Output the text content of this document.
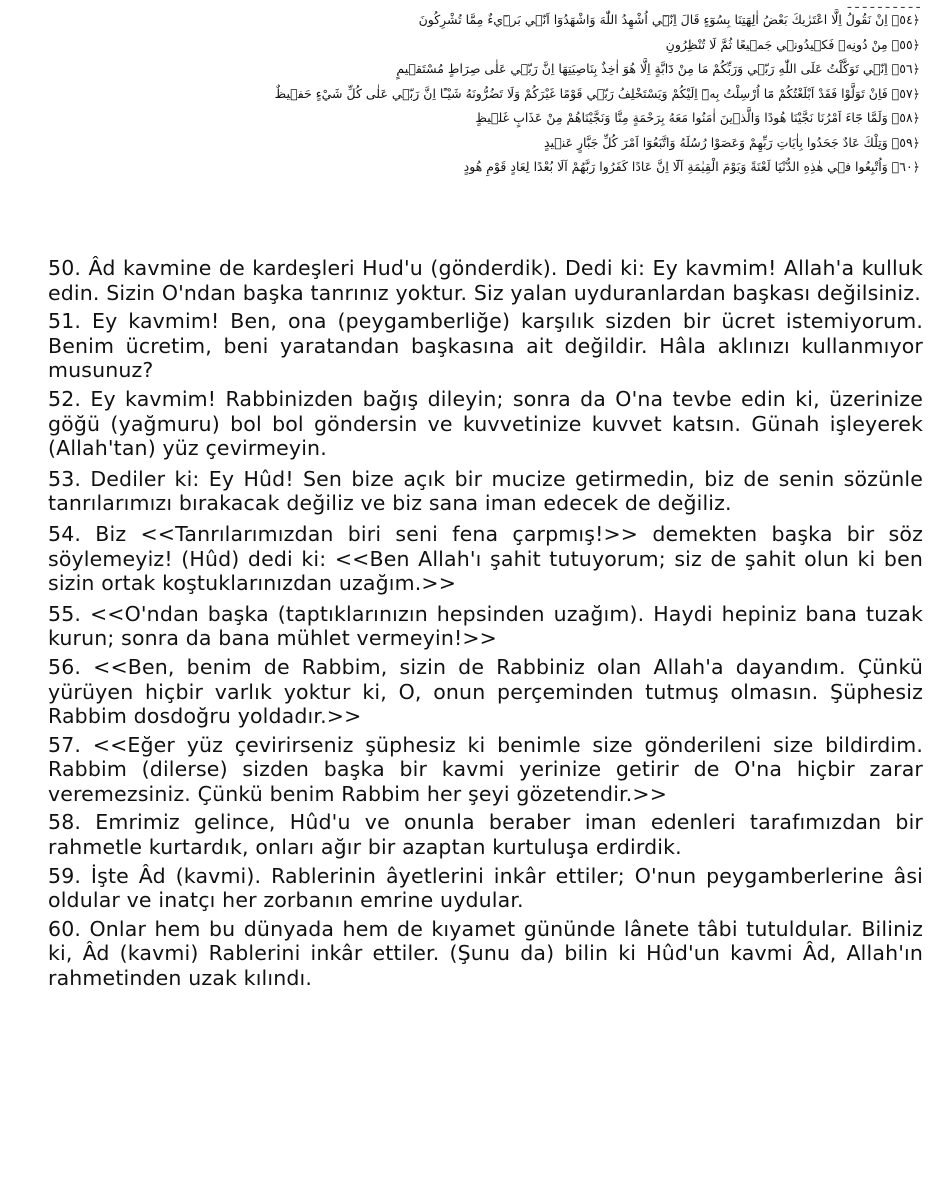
ـ ـ ـ ـ ـ ـ ـ ـ ـ ـ
﴿٥٤﴾ اِنْ نَقُولُ اِلَّا اعْتَرٰيكَ بَعْضُ اٰلِهَتِنَا بِسُوٓءٍ قَالَ اِنّ۪ٓي اُشْهِدُ اللّٰهَ وَاشْهَدُوٓا اَنّ۪ي بَر۪ٓيءٌ مِمَّا تُشْرِكُونَ
﴿٥٥﴾ مِنْ دُونِه۪ فَك۪يدُون۪ي جَم۪يعًا ثُمَّ لَا تُنْظِرُونِ
﴿٥٦﴾ اِنّ۪ي تَوَكَّلْتُ عَلَى اللّٰهِ رَبّ۪ي وَرَبِّكُمْ مَا مِنْ دَٓابَّةٍ اِلَّا هُوَ اٰخِذٌ بِنَاصِيَتِهَا اِنَّ رَبّ۪ي عَلٰى صِرَاطٍ مُسْتَق۪يمٍ
﴿٥٧﴾ فَاِنْ تَوَلَّوْا فَقَدْ اَبْلَغْتُكُمْ مَٓا اُرْسِلْتُ بِه۪ٓ اِلَيْكُمْ وَيَسْتَخْلِفُ رَبّ۪ي قَوْمًا غَيْرَكُمْ وَلَا تَضُرُّونَهُ شَيْـًٔا اِنَّ رَبّ۪ي عَلٰى كُلِّ شَيْءٍ حَف۪يظٌ
﴿٥٨﴾ وَلَمَّا جَٓاءَ اَمْرُنَا نَجَّيْنَا هُودًا وَالَّذ۪ينَ اٰمَنُوا مَعَهُ بِرَحْمَةٍ مِنَّا وَنَجَّيْنَاهُمْ مِنْ عَذَابٍ غَل۪يظٍ
﴿٥٩﴾ وَتِلْكَ عَادٌ جَحَدُوا بِاٰيَاتِ رَبِّهِمْ وَعَصَوْا رُسُلَهُ وَاتَّبَعُوٓا اَمْرَ كُلِّ جَبَّارٍ عَن۪يدٍ
﴿٦٠﴾ وَاُتْبِعُوا ف۪ي هٰذِهِ الدُّنْيَا لَعْنَةً وَيَوْمَ الْقِيٰمَةِ اَلَٓا اِنَّ عَادًا كَفَرُوا رَبَّهُمْ اَلَا بُعْدًا لِعَادٍ قَوْمِ هُودٍ

50. Âd kavmine de kardeşleri Hud'u (gönderdik). Dedi ki: Ey kavmim! Allah'a kulluk edin. Sizin O'ndan başka tanrınız yoktur. Siz yalan uyduranlardan başkası değilsiniz.

51. Ey kavmim! Ben, ona (peygamberliğe) karşılık sizden bir ücret istemiyorum. Benim ücretim, beni yaratandan başkasına ait değildir. Hâla aklınızı kullanmıyor musunuz?

52. Ey kavmim! Rabbinizden bağış dileyin; sonra da O'na tevbe edin ki, üzerinize göğü (yağmuru) bol bol göndersin ve kuvvetinize kuvvet katsın. Günah işleyerek (Allah'tan) yüz çevirmeyin.

53. Dediler ki: Ey Hûd! Sen bize açık bir mucize getirmedin, biz de senin sözünle tanrılarımızı bırakacak değiliz ve biz sana iman edecek de değiliz.

54. Biz <<Tanrılarımızdan biri seni fena çarpmış!>> demekten başka bir söz söylemeyiz! (Hûd) dedi ki: <<Ben Allah'ı şahit tutuyorum; siz de şahit olun ki ben sizin ortak koştuklarınızdan uzağım.>>

55. <<O'ndan başka (taptıklarınızın hepsinden uzağım). Haydi hepiniz bana tuzak kurun; sonra da bana mühlet vermeyin!>>

56. <<Ben, benim de Rabbim, sizin de Rabbiniz olan Allah'a dayandım. Çünkü yürüyen hiçbir varlık yoktur ki, O, onun perçeminden tutmuş olmasın. Şüphesiz Rabbim dosdoğru yoldadır.>>

57. <<Eğer yüz çevirirseniz şüphesiz ki benimle size gönderileni size bildirdim. Rabbim (dilerse) sizden başka bir kavmi yerinize getirir de O'na hiçbir zarar veremezsiniz. Çünkü benim Rabbim her şeyi gözetendir.>>

58. Emrimiz gelince, Hûd'u ve onunla beraber iman edenleri tarafımızdan bir rahmetle kurtardık, onları ağır bir azaptan kurtuluşa erdirdik.

59. İşte Âd (kavmi). Rablerinin âyetlerini inkâr ettiler; O'nun peygamberlerine âsi oldular ve inatçı her zorbanın emrine uydular.

60. Onlar hem bu dünyada hem de kıyamet gününde lânete tâbi tutuldular. Biliniz ki, Âd (kavmi) Rablerini inkâr ettiler. (Şunu da) bilin ki Hûd'un kavmi Âd, Allah'ın rahmetinden uzak kılındı.
